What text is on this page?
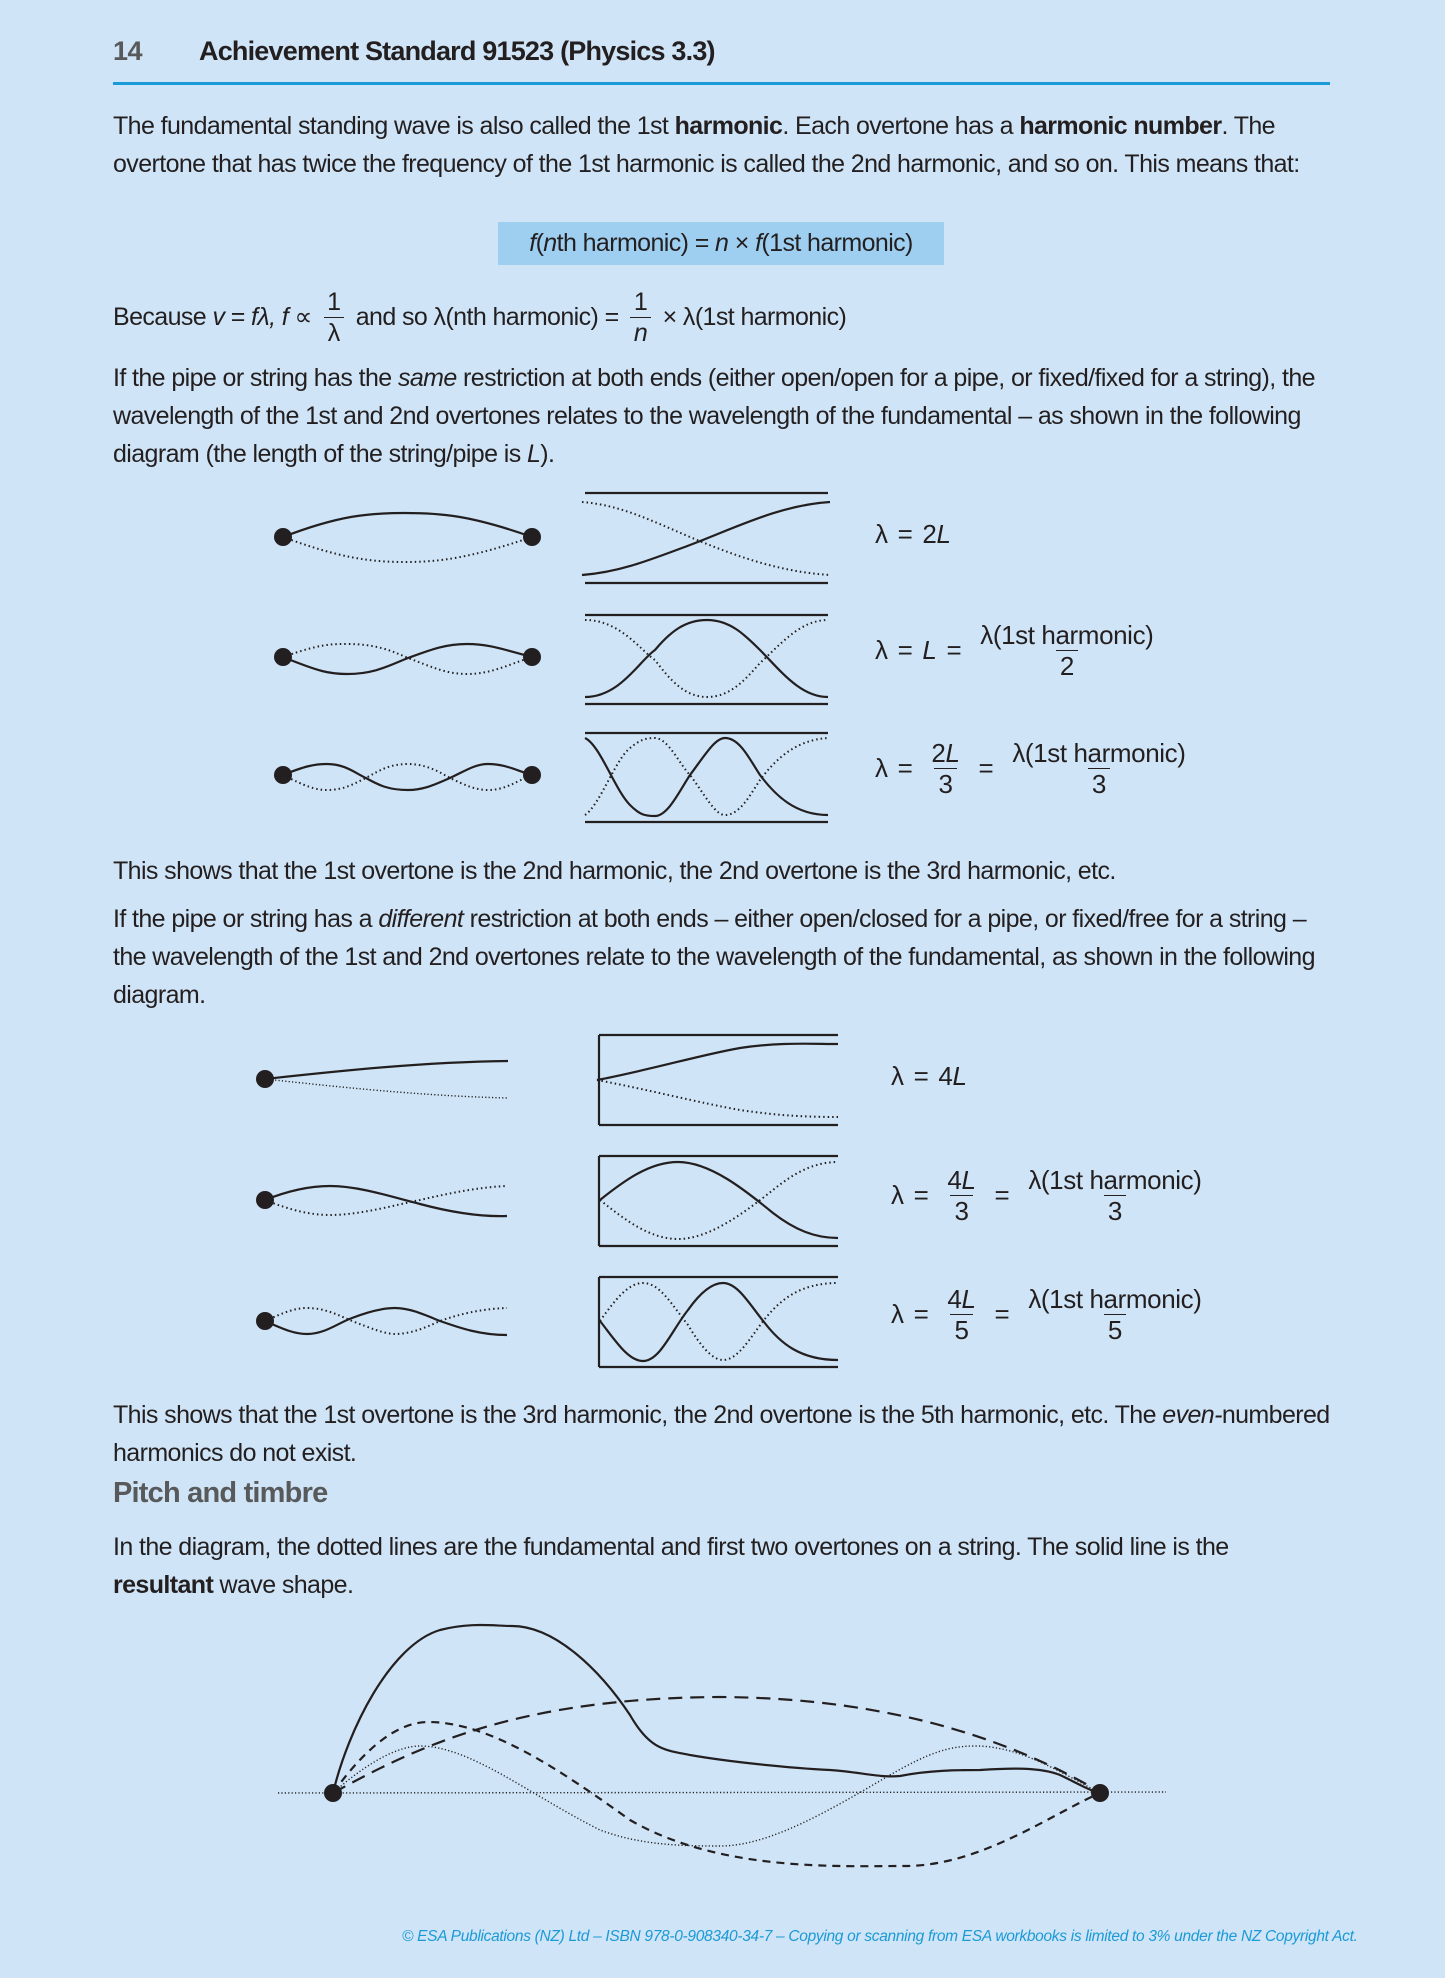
14 Achievement Standard 91523 (Physics 3.3)

The fundamental standing wave is also called the 1st harmonic. Each overtone has a harmonic number. The overtone that has twice the frequency of the 1st harmonic is called the 2nd harmonic, and so on. This means that:

f(nth harmonic) = n × f(1st harmonic)
Because v = fλ, $f \propto \frac{1}{\lambda}$ and so λ(nth harmonic) = $\frac{1}{n} \times \lambda(1st$ harmonic)

If the pipe or string has the same restriction at both ends (either open/open for a pipe, or fixed/fixed for a string), the wavelength of the 1st and 2nd overtones relates to the wavelength of the fundamental – as shown in the following diagram (the length of the string/pipe is L).

λ = 2 L
$\lambda = L = \frac{\text{λ(1st harmonic)}}{2}$
$\lambda = \frac{2L}{3} = \frac{\text{λ(1st harmonic)}}{3}$

This shows that the 1st overtone is the 2nd harmonic, the 2nd overtone is the 3rd harmonic, etc.

If the pipe or string has a different restriction at both ends – either open/closed for a pipe, or fixed/free for a string – the wavelength of the 1st and 2nd overtones relate to the wavelength of the fundamental, as shown in the following diagram.

λ = 4 L
$\lambda = \frac{4L}{3} = \frac{\text{λ(1st harmonic)}}{3}$
$\lambda = \frac{4L}{5} = \frac{\text{λ(1st harmonic)}}{5}$

This shows that the 1st overtone is the 3rd harmonic, the 2nd overtone is the 5th harmonic, etc. The even-numbered harmonics do not exist.

Pitch and timbre

In the diagram, the dotted lines are the fundamental and first two overtones on a string. The solid line is the resultant wave shape.

© ESA Publications (NZ) Ltd – ISBN 978-0-908340-34-7 – Copying or scanning from ESA workbooks is limited to 3% under the NZ Copyright Act.
